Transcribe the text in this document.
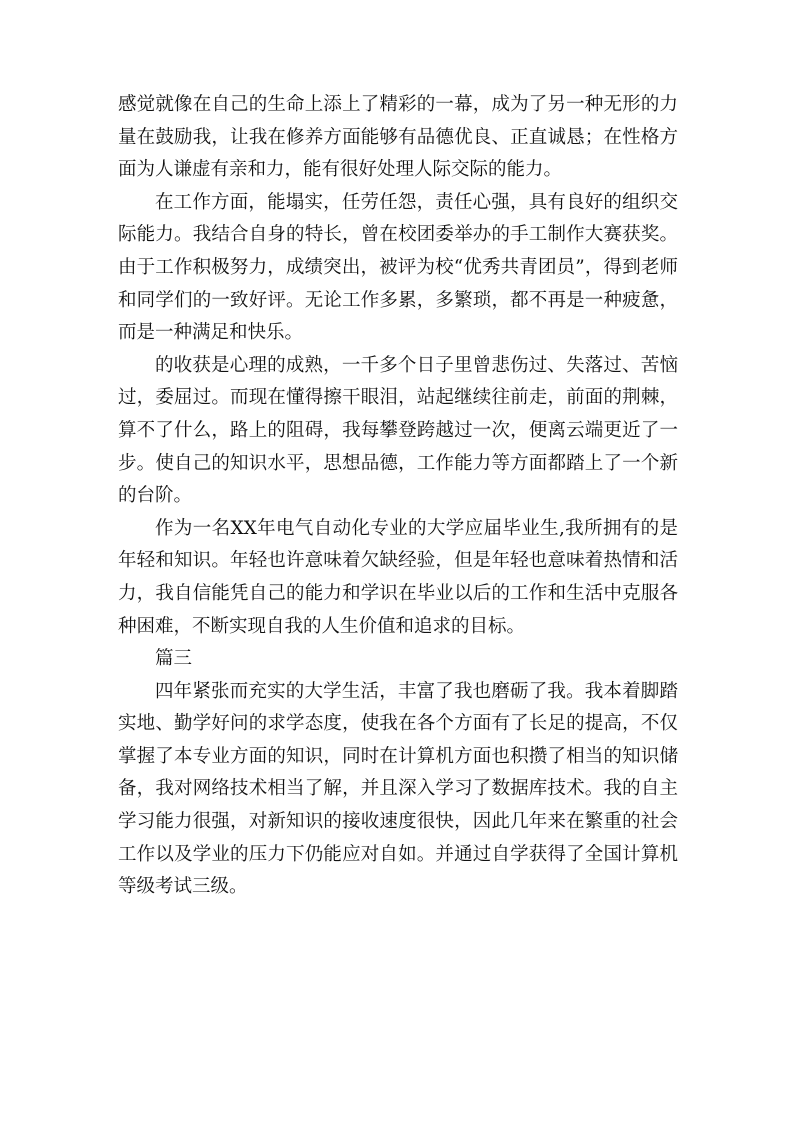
感觉就像在自己的生命上添上了精彩的一幕，成为了另一种无形的力量在鼓励我，让我在修养方面能够有品德优良、正直诚恳；在性格方面为人谦虚有亲和力，能有很好处理人际交际的能力。

在工作方面，能塌实，任劳任怨，责任心强，具有良好的组织交际能力。我结合自身的特长，曾在校团委举办的手工制作大赛获奖。由于工作积极努力，成绩突出，被评为校“优秀共青团员”，得到老师和同学们的一致好评。无论工作多累，多繁琐，都不再是一种疲惫，而是一种满足和快乐。

的收获是心理的成熟，一千多个日子里曾悲伤过、失落过、苦恼过，委屈过。而现在懂得擦干眼泪，站起继续往前走，前面的荆棘，算不了什么，路上的阻碍，我每攀登跨越过一次，便离云端更近了一步。使自己的知识水平，思想品德，工作能力等方面都踏上了一个新的台阶。

作为一名XX年电气自动化专业的大学应届毕业生,我所拥有的是年轻和知识。年轻也许意味着欠缺经验，但是年轻也意味着热情和活力，我自信能凭自己的能力和学识在毕业以后的工作和生活中克服各种困难，不断实现自我的人生价值和追求的目标。

篇三

四年紧张而充实的大学生活，丰富了我也磨砺了我。我本着脚踏实地、勤学好问的求学态度，使我在各个方面有了长足的提高，不仅掌握了本专业方面的知识，同时在计算机方面也积攒了相当的知识储备，我对网络技术相当了解，并且深入学习了数据库技术。我的自主学习能力很强，对新知识的接收速度很快，因此几年来在繁重的社会工作以及学业的压力下仍能应对自如。并通过自学获得了全国计算机等级考试三级。
